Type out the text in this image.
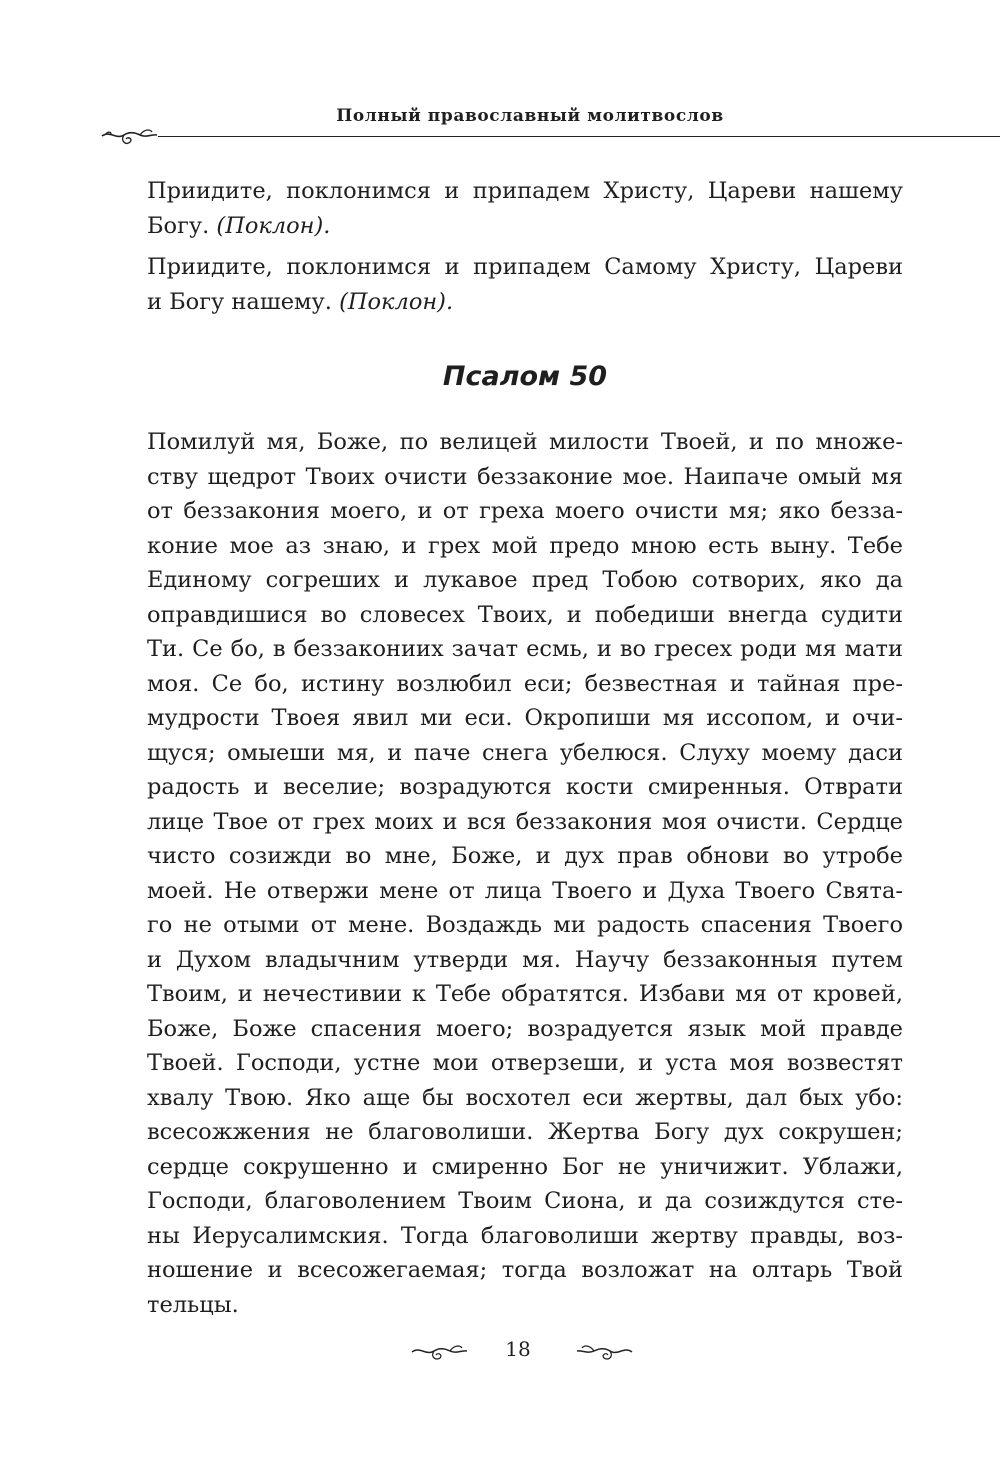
Полный православный молитвослов

Приидите, поклонимся и припадем Христу, Цареви нашему
Богу. (Поклон).

Приидите, поклонимся и припадем Самому Христу, Цареви
и Богу нашему. (Поклон).

Псалом 50

Помилуй мя, Боже, по велицей милости Твоей, и по множе-
ству щедрот Твоих очисти беззаконие мое. Наипаче омый мя
от беззакония моего, и от греха моего очисти мя; яко безза-
коние мое аз знаю, и грех мой предо мною есть выну. Тебе
Единому согреших и лукавое пред Тобою сотворих, яко да
оправдишися во словесех Твоих, и победиши внегда судити
Ти. Се бо, в беззакониих зачат есмь, и во гресех роди мя мати
моя. Се бо, истину возлюбил еси; безвестная и тайная пре-
мудрости Твоея явил ми еси. Окропиши мя иссопом, и очи-
щуся; омыеши мя, и паче снега убелюся. Слуху моему даси
радость и веселие; возрадуются кости смиренныя. Отврати
лице Твое от грех моих и вся беззакония моя очисти. Сердце
чисто созижди во мне, Боже, и дух прав обнови во утробе
моей. Не отвержи мене от лица Твоего и Духа Твоего Свята-
го не отыми от мене. Воздаждь ми радость спасения Твоего
и Духом владычним утверди мя. Научу беззаконныя путем
Твоим, и нечестивии к Тебе обратятся. Избави мя от кровей,
Боже, Боже спасения моего; возрадуется язык мой правде
Твоей. Господи, устне мои отверзеши, и уста моя возвестят
хвалу Твою. Яко аще бы восхотел еси жертвы, дал бых убо:
всесожжения не благоволиши. Жертва Богу дух сокрушен;
сердце сокрушенно и смиренно Бог не уничижит. Ублажи,
Господи, благоволением Твоим Сиона, и да созиждутся сте-
ны Иерусалимския. Тогда благоволиши жертву правды, воз-
ношение и всесожегаемая; тогда возложат на олтарь Твой
тельцы.

18
